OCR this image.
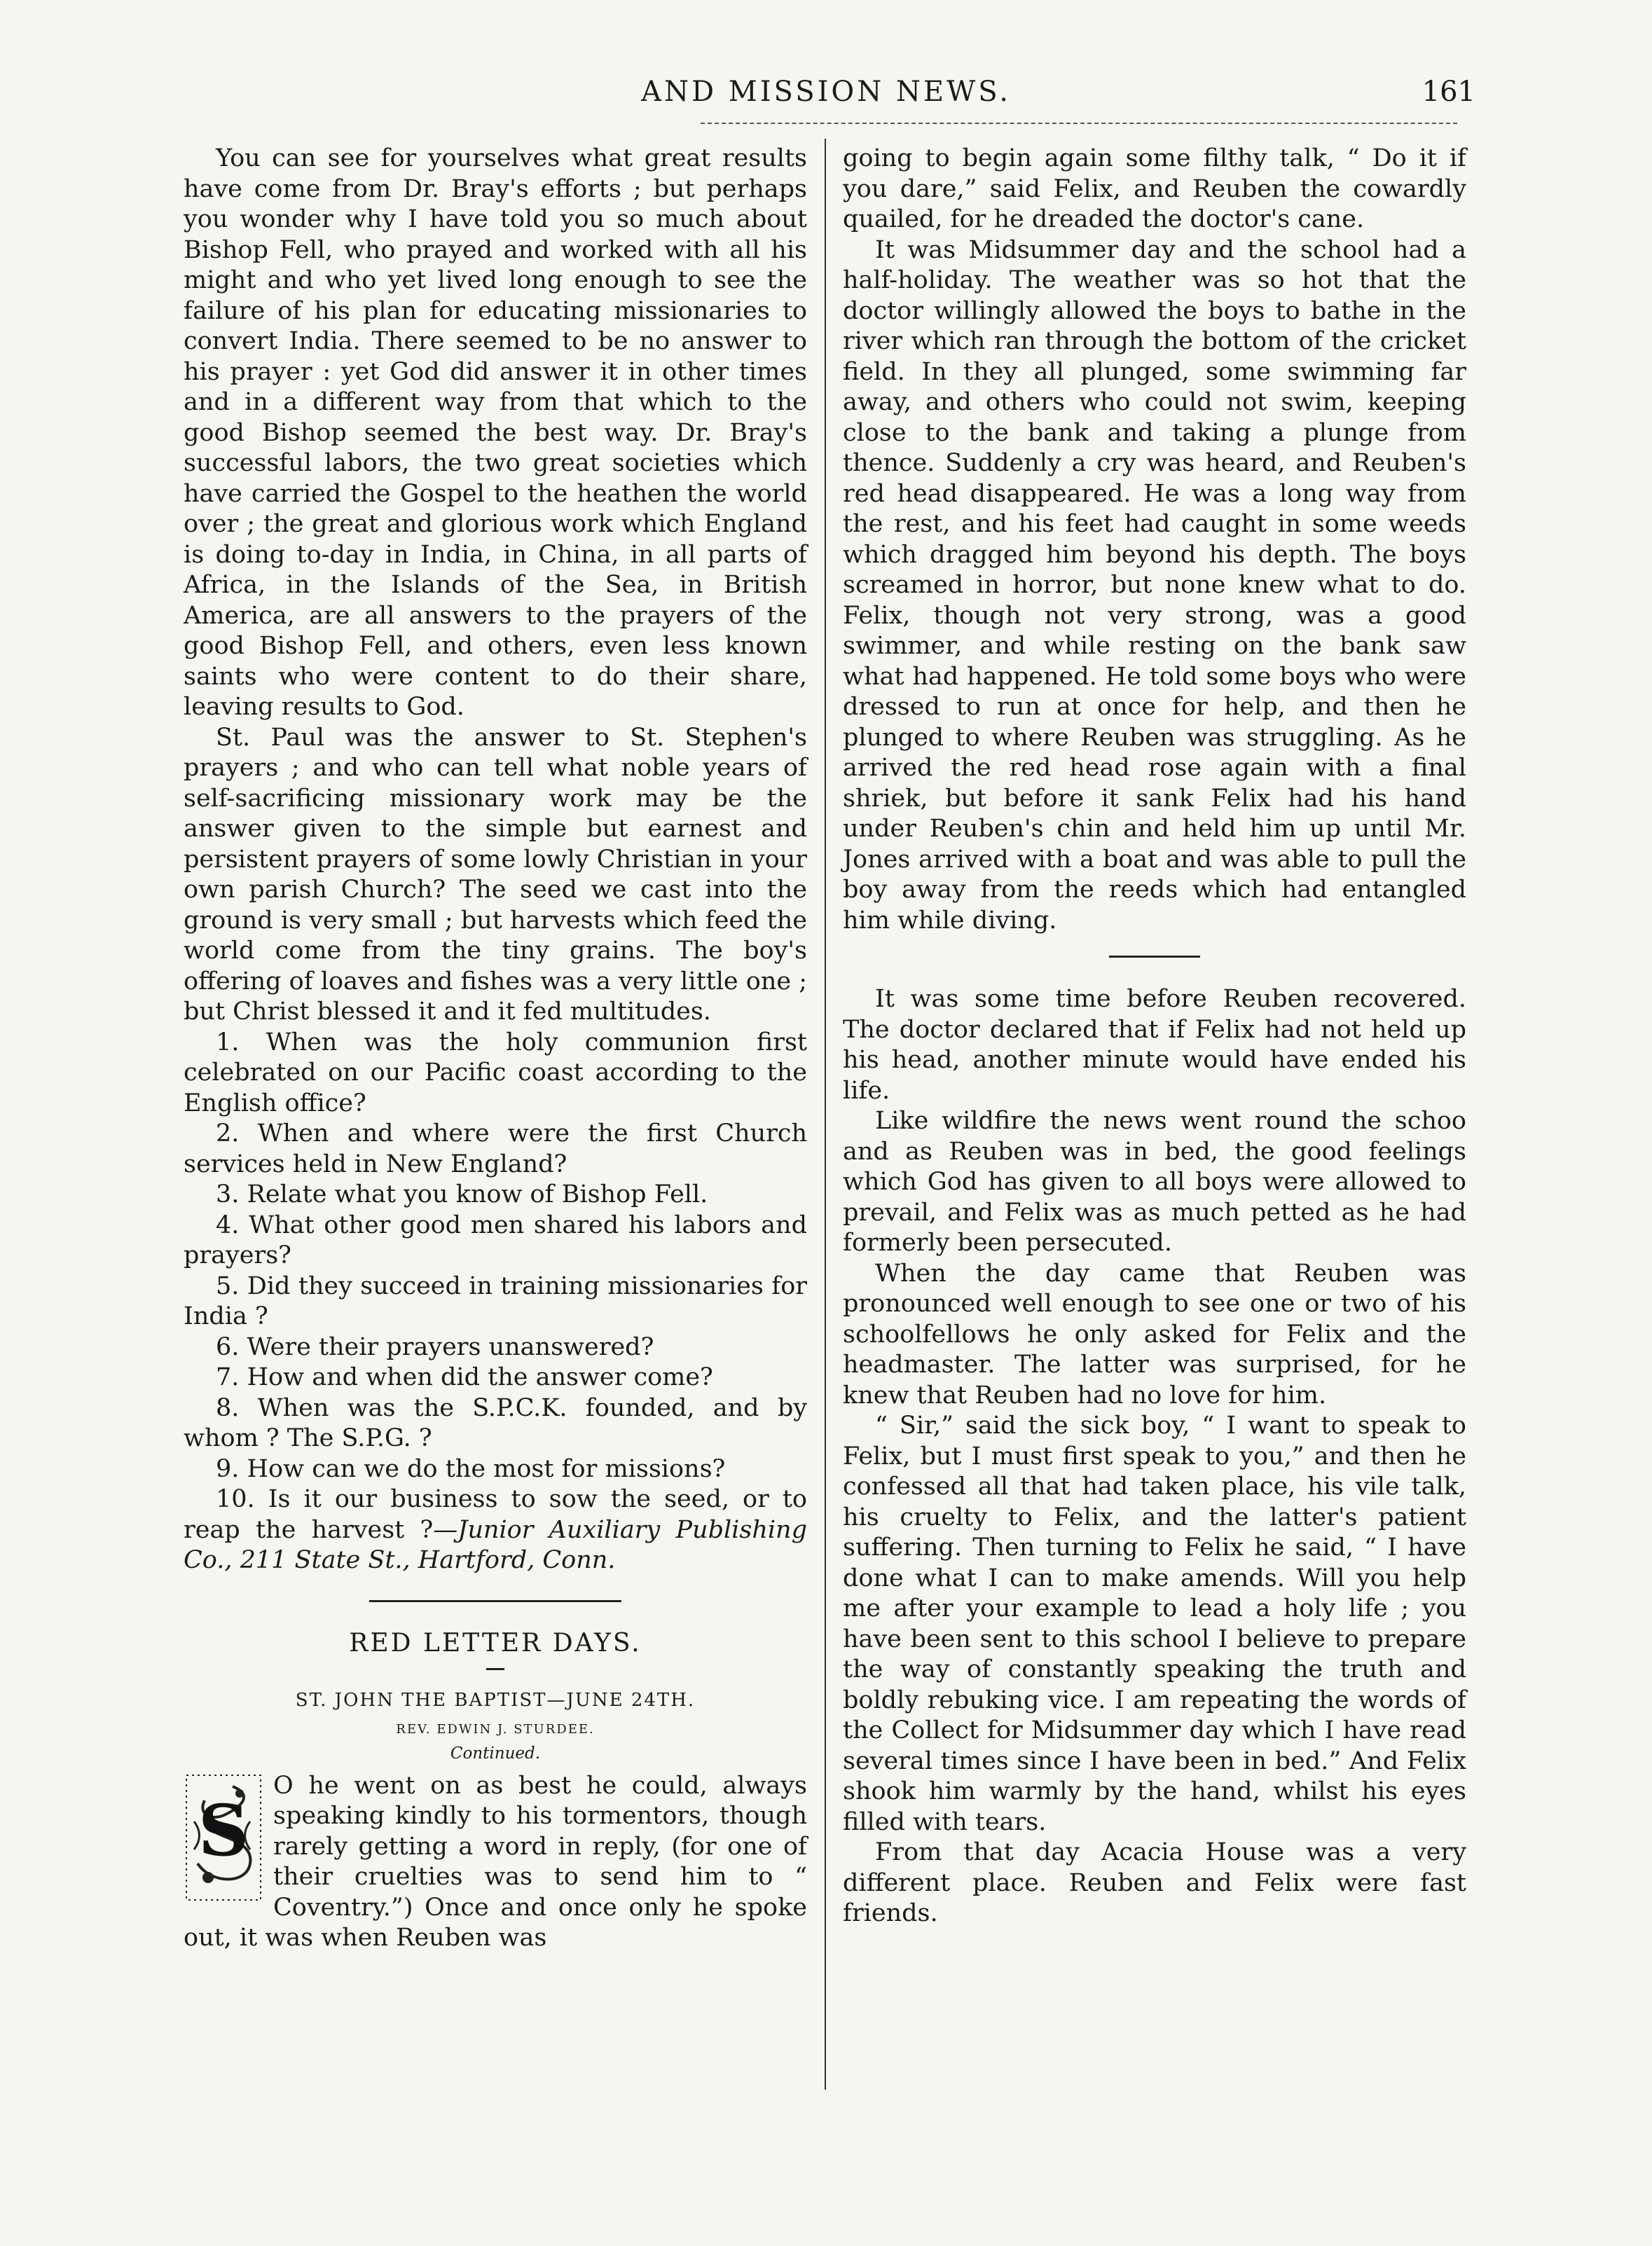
AND MISSION NEWS.	161

You can see for yourselves what great results have come from Dr. Bray's efforts ; but perhaps you wonder why I have told you so much about Bishop Fell, who prayed and worked with all his might and who yet lived long enough to see the failure of his plan for educating missionaries to convert India. There seemed to be no answer to his prayer : yet God did answer it in other times and in a different way from that which to the good Bishop seemed the best way. Dr. Bray's successful labors, the two great societies which have carried the Gospel to the heathen the world over ; the great and glorious work which England is doing to-day in India, in China, in all parts of Africa, in the Islands of the Sea, in British America, are all answers to the prayers of the good Bishop Fell, and others, even less known saints who were content to do their share, leaving results to God.

St. Paul was the answer to St. Stephen's prayers ; and who can tell what noble years of self-sacrificing missionary work may be the answer given to the simple but earnest and persistent prayers of some lowly Christian in your own parish Church? The seed we cast into the ground is very small ; but harvests which feed the world come from the tiny grains. The boy's offering of loaves and fishes was a very little one ; but Christ blessed it and it fed multitudes.

1. When was the holy communion first celebrated on our Pacific coast according to the English office?

2. When and where were the first Church services held in New England?

3. Relate what you know of Bishop Fell.

4. What other good men shared his labors and prayers?

5. Did they succeed in training missionaries for India ?

6. Were their prayers unanswered?

7. How and when did the answer come?

8. When was the S.P.C.K. founded, and by whom ? The S.P.G. ?

9. How can we do the most for missions?

10. Is it our business to sow the seed, or to reap the harvest ?—Junior Auxiliary Publishing Co., 211 State St., Hartford, Conn.

RED LETTER DAYS.
ST. JOHN THE BAPTIST—JUNE 24TH.
REV. EDWIN J. STURDEE.
Continued.
S

O he went on as best he could, always speaking kindly to his tormentors, though rarely getting a word in reply, (for one of their cruelties was to send him to “ Coventry.”) Once and once only he spoke out, it was when Reuben was

going to begin again some filthy talk, “ Do it if you dare,” said Felix, and Reuben the cowardly quailed, for he dreaded the doctor's cane.

It was Midsummer day and the school had a half-holiday. The weather was so hot that the doctor willingly allowed the boys to bathe in the river which ran through the bottom of the cricket field. In they all plunged, some swimming far away, and others who could not swim, keeping close to the bank and taking a plunge from thence. Suddenly a cry was heard, and Reuben's red head disappeared. He was a long way from the rest, and his feet had caught in some weeds which dragged him beyond his depth. The boys screamed in horror, but none knew what to do. Felix, though not very strong, was a good swimmer, and while resting on the bank saw what had happened. He told some boys who were dressed to run at once for help, and then he plunged to where Reuben was struggling. As he arrived the red head rose again with a final shriek, but before it sank Felix had his hand under Reuben's chin and held him up until Mr. Jones arrived with a boat and was able to pull the boy away from the reeds which had entangled him while diving.

It was some time before Reuben recovered. The doctor declared that if Felix had not held up his head, another minute would have ended his life.

Like wildfire the news went round the schoo and as Reuben was in bed, the good feelings which God has given to all boys were allowed to prevail, and Felix was as much petted as he had formerly been persecuted.

When the day came that Reuben was pronounced well enough to see one or two of his schoolfellows he only asked for Felix and the headmaster. The latter was surprised, for he knew that Reuben had no love for him.

“ Sir,” said the sick boy, “ I want to speak to Felix, but I must first speak to you,” and then he confessed all that had taken place, his vile talk, his cruelty to Felix, and the latter's patient suffering. Then turning to Felix he said, “ I have done what I can to make amends. Will you help me after your example to lead a holy life ; you have been sent to this school I believe to prepare the way of constantly speaking the truth and boldly rebuking vice. I am repeating the words of the Collect for Midsummer day which I have read several times since I have been in bed.” And Felix shook him warmly by the hand, whilst his eyes filled with tears.

From that day Acacia House was a very different place. Reuben and Felix were fast friends.
